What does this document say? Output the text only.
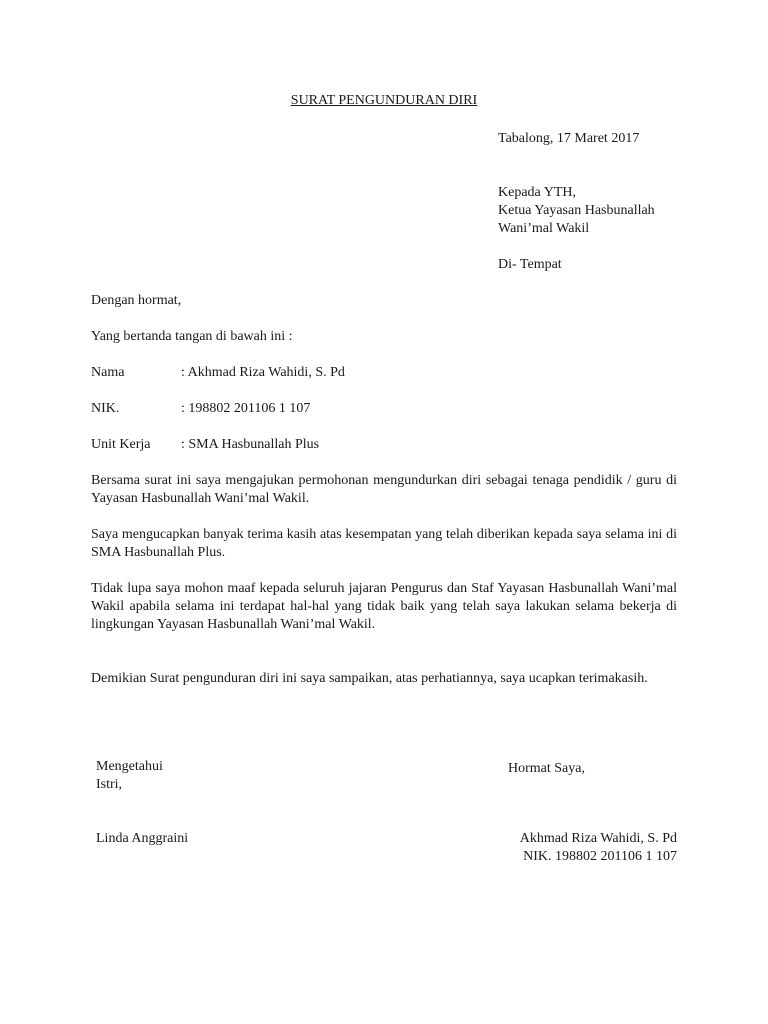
SURAT PENGUNDURAN DIRI
Tabalong, 17 Maret 2017
Kepada YTH,
Ketua Yayasan Hasbunallah
Wani’mal Wakil
Di- Tempat
Dengan hormat,
Yang bertanda tangan di bawah ini :
Nama	: Akhmad Riza Wahidi, S. Pd
NIK.	: 198802 201106 1 107
Unit Kerja	: SMA Hasbunallah Plus
Bersama surat ini saya mengajukan permohonan mengundurkan diri sebagai tenaga pendidik / guru di Yayasan Hasbunallah Wani’mal Wakil.
Saya mengucapkan banyak terima kasih atas kesempatan yang telah diberikan kepada saya selama ini di SMA Hasbunallah Plus.
Tidak lupa saya mohon maaf kepada seluruh jajaran Pengurus dan Staf Yayasan Hasbunallah Wani’mal Wakil apabila selama ini terdapat hal-hal yang tidak baik yang telah saya lakukan selama bekerja di lingkungan Yayasan Hasbunallah Wani’mal Wakil.
Demikian Surat pengunduran diri ini saya sampaikan, atas perhatiannya, saya ucapkan terimakasih.
Mengetahui
Istri,
Linda Anggraini
Hormat Saya,
Akhmad Riza Wahidi, S. Pd
NIK. 198802 201106 1 107
